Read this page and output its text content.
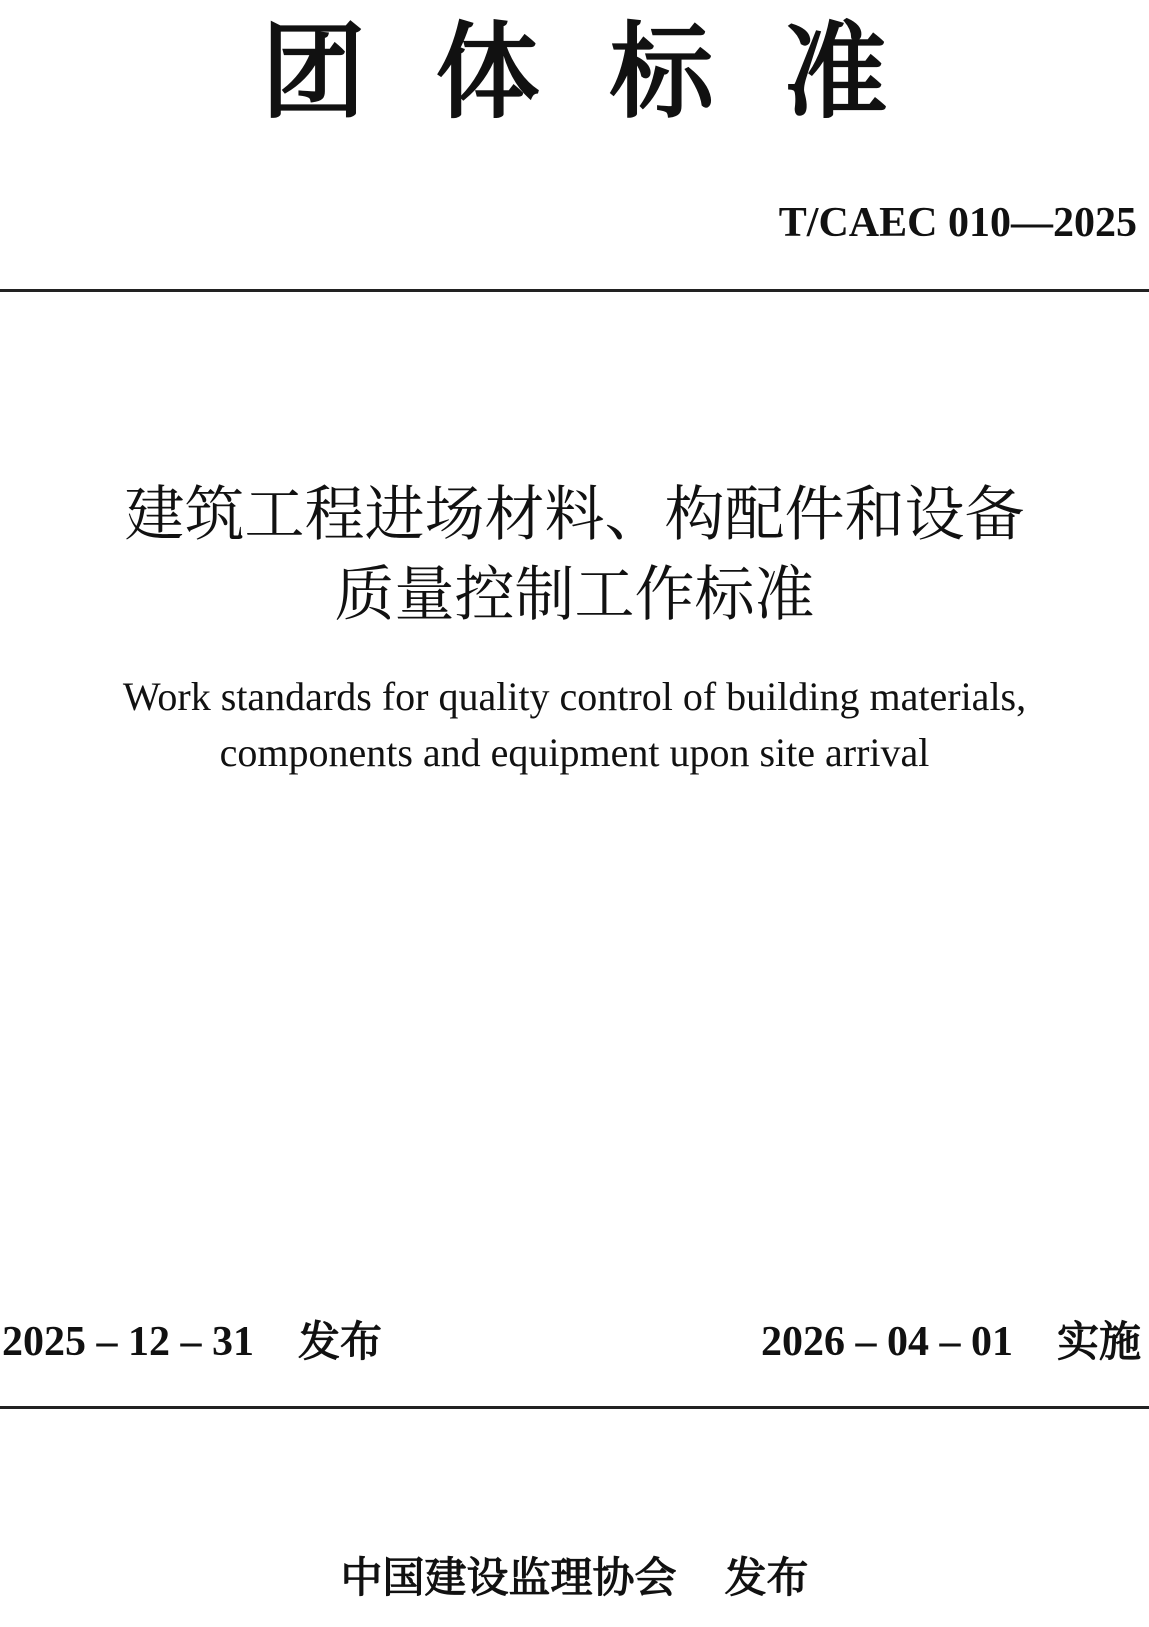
团体标准
T/CAEC 010—2025
建筑工程进场材料、构配件和设备
质量控制工作标准
Work standards for quality control of building materials,
components and equipment upon site arrival
2025 – 12 – 31 发布	2026 – 04 – 01 实施
中国建设监理协会 发布
